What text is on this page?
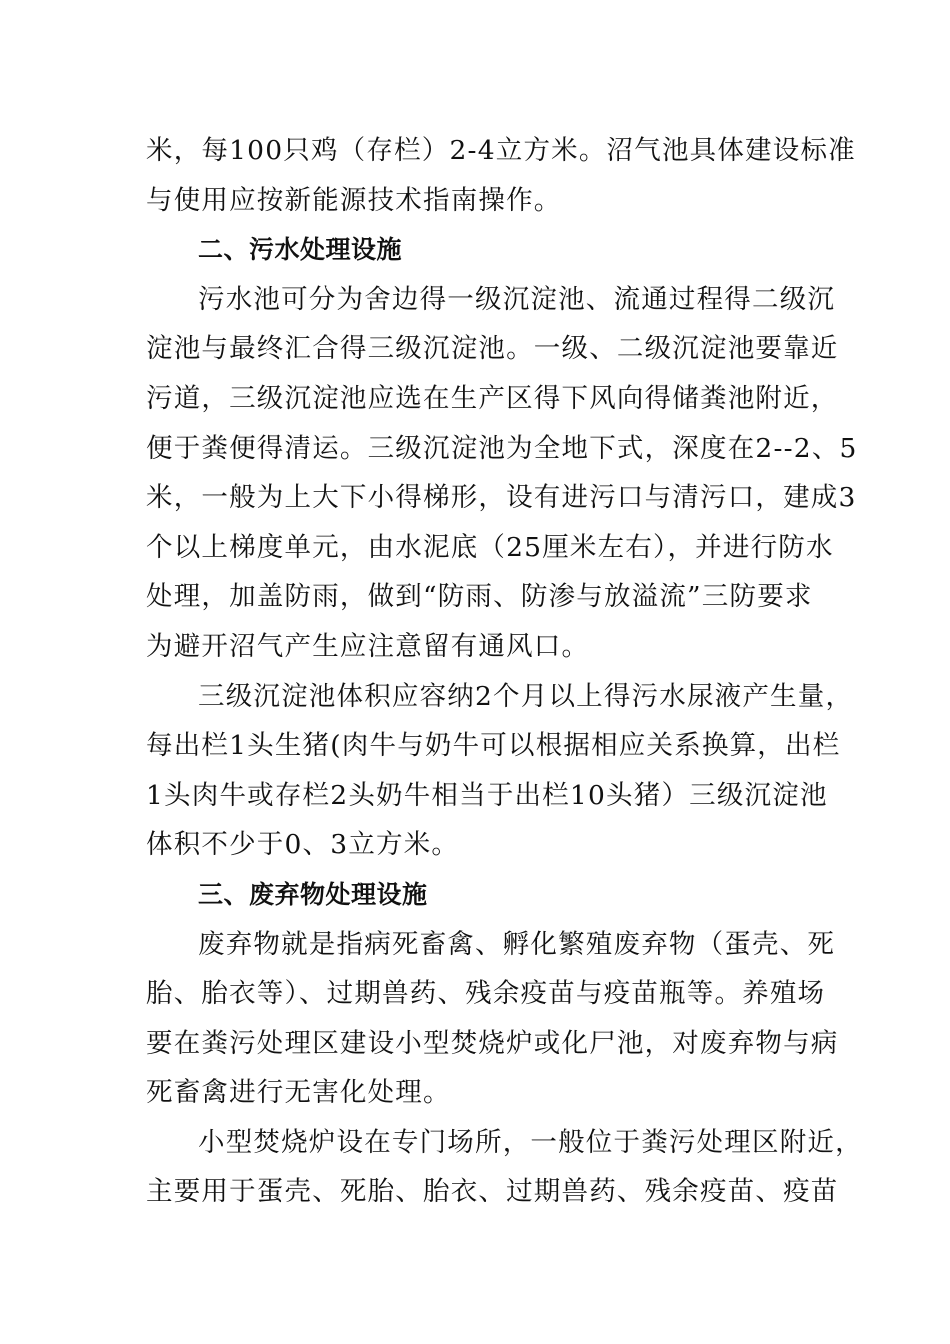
米，每100只鸡（存栏）2-4立方米。沼气池具体建设标准
与使用应按新能源技术指南操作。
二、污水处理设施
污水池可分为舍边得一级沉淀池、流通过程得二级沉
淀池与最终汇合得三级沉淀池。一级、二级沉淀池要靠近
污道，三级沉淀池应选在生产区得下风向得储粪池附近，
便于粪便得清运。三级沉淀池为全地下式，深度在2--2、5
米，一般为上大下小得梯形，设有进污口与清污口，建成3
个以上梯度单元，由水泥底（25厘米左右），并进行防水
处理，加盖防雨，做到“防雨、防渗与放溢流”三防要求
为避开沼气产生应注意留有通风口。
三级沉淀池体积应容纳2个月以上得污水尿液产生量，
每出栏1头生猪(肉牛与奶牛可以根据相应关系换算，出栏
1头肉牛或存栏2头奶牛相当于出栏10头猪）三级沉淀池
体积不少于0、3立方米。
三、废弃物处理设施
废弃物就是指病死畜禽、孵化繁殖废弃物（蛋壳、死
胎、胎衣等）、过期兽药、残余疫苗与疫苗瓶等。养殖场
要在粪污处理区建设小型焚烧炉或化尸池，对废弃物与病
死畜禽进行无害化处理。
小型焚烧炉设在专门场所，一般位于粪污处理区附近，
主要用于蛋壳、死胎、胎衣、过期兽药、残余疫苗、疫苗
